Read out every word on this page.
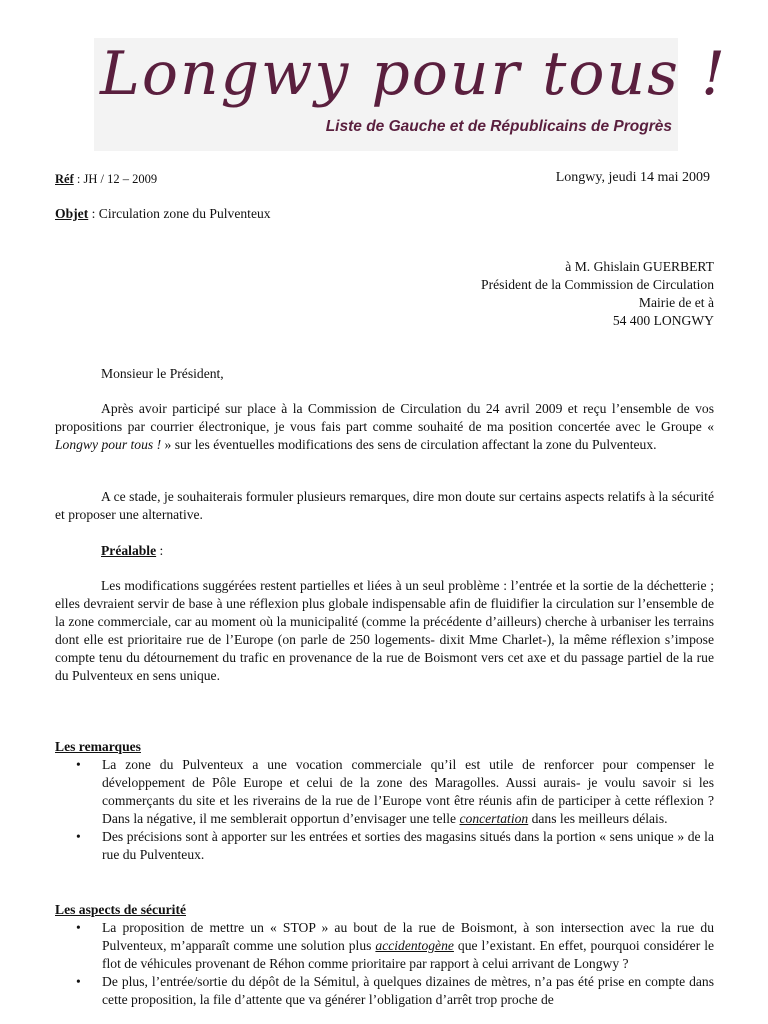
Longwy pour tous !
Liste de Gauche et de Républicains de Progrès
Réf : JH / 12 – 2009	Longwy, jeudi 14 mai 2009
Objet : Circulation zone du Pulventeux
à M. Ghislain GUERBERT
Président de la Commission de Circulation
Mairie de et à
54 400 LONGWY
Monsieur le Président,

Après avoir participé sur place à la Commission de Circulation du 24 avril 2009 et reçu l’ensemble de vos propositions par courrier électronique, je vous fais part comme souhaité de ma position concertée avec le Groupe « Longwy pour tous ! » sur les éventuelles modifications des sens de circulation affectant la zone du Pulventeux.

A ce stade, je souhaiterais formuler plusieurs remarques, dire mon doute sur certains aspects relatifs à la sécurité et proposer une alternative.

Préalable :

Les modifications suggérées restent partielles et liées à un seul problème : l’entrée et la sortie de la déchetterie ; elles devraient servir de base à une réflexion plus globale indispensable afin de fluidifier la circulation sur l’ensemble de la zone commerciale, car au moment où la municipalité (comme la précédente d’ailleurs) cherche à urbaniser les terrains dont elle est prioritaire rue de l’Europe (on parle de 250 logements- dixit Mme Charlet-), la même réflexion s’impose compte tenu du détournement du trafic en provenance de la rue de Boismont vers cet axe et du passage partiel de la rue du Pulventeux en sens unique.

Les remarques
• La zone du Pulventeux a une vocation commerciale qu’il est utile de renforcer pour compenser le développement de Pôle Europe et celui de la zone des Maragolles. Aussi aurais- je voulu savoir si les commerçants du site et les riverains de la rue de l’Europe vont être réunis afin de participer à cette réflexion ? Dans la négative, il me semblerait opportun d’envisager une telle concertation dans les meilleurs délais.
• Des précisions sont à apporter sur les entrées et sorties des magasins situés dans la portion « sens unique » de la rue du Pulventeux.
Les aspects de sécurité
• La proposition de mettre un « STOP » au bout de la rue de Boismont, à son intersection avec la rue du Pulventeux, m’apparaît comme une solution plus accidentogène que l’existant. En effet, pourquoi considérer le flot de véhicules provenant de Réhon comme prioritaire par rapport à celui arrivant de Longwy ?
• De plus, l’entrée/sortie du dépôt de la Sémitul, à quelques dizaines de mètres, n’a pas été prise en compte dans cette proposition, la file d’attente que va générer l’obligation d’arrêt trop proche de
